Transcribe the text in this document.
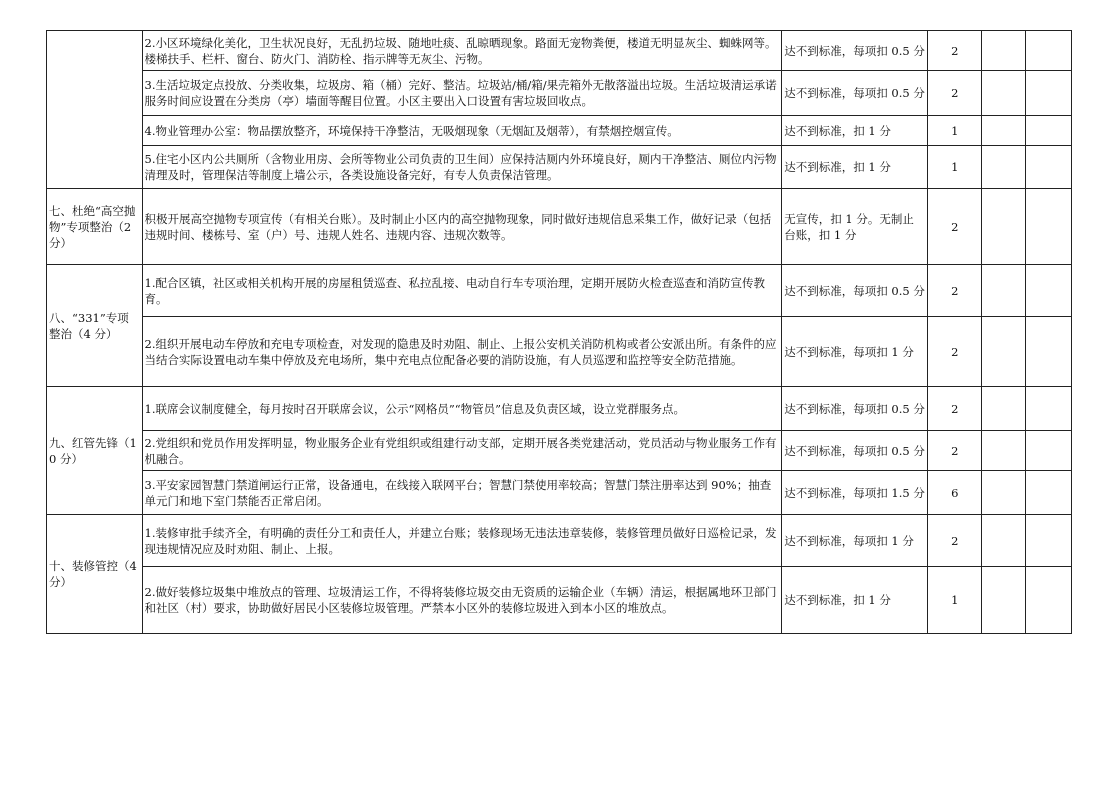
	2.小区环境绿化美化，卫生状况良好，无乱扔垃圾、随地吐痰、乱晾晒现象。路面无宠物粪便，楼道无明显灰尘、蜘蛛网等。楼梯扶手、栏杆、窗台、防火门、消防栓、指示牌等无灰尘、污物。	达不到标准，每项扣 0.5 分	2		
	3.生活垃圾定点投放、分类收集，垃圾房、箱（桶）完好、整洁。垃圾站/桶/箱/果壳箱外无散落溢出垃圾。生活垃圾清运承诺服务时间应设置在分类房（亭）墙面等醒目位置。小区主要出入口设置有害垃圾回收点。	达不到标准，每项扣 0.5 分	2		
	4.物业管理办公室：物品摆放整齐，环境保持干净整洁，无吸烟现象（无烟缸及烟蒂），有禁烟控烟宣传。	达不到标准，扣 1 分	1		
	5.住宅小区内公共厕所（含物业用房、会所等物业公司负责的卫生间）应保持洁厕内外环境良好，厕内干净整洁、厕位内污物清理及时，管理保洁等制度上墙公示，各类设施设备完好，有专人负责保洁管理。	达不到标准，扣 1 分	1		
七、杜绝“高空抛物”专项整治（2 分）	积极开展高空抛物专项宣传（有相关台账）。及时制止小区内的高空抛物现象，同时做好违规信息采集工作，做好记录（包括违规时间、楼栋号、室（户）号、违规人姓名、违规内容、违规次数等。	无宣传，扣 1 分。无制止台账，扣 1 分	2		
八、“331”专项整治（4 分）	1.配合区镇，社区或相关机构开展的房屋租赁巡查、私拉乱接、电动自行车专项治理，定期开展防火检查巡查和消防宣传教育。	达不到标准，每项扣 0.5 分	2		
	2.组织开展电动车停放和充电专项检查，对发现的隐患及时劝阻、制止、上报公安机关消防机构或者公安派出所。有条件的应当结合实际设置电动车集中停放及充电场所，集中充电点位配备必要的消防设施，有人员巡逻和监控等安全防范措施。	达不到标准，每项扣 1 分	2		
九、红管先锋（10 分）	1.联席会议制度健全，每月按时召开联席会议，公示“网格员”“物管员”信息及负责区域，设立党群服务点。	达不到标准，每项扣 0.5 分	2		
	2.党组织和党员作用发挥明显，物业服务企业有党组织或组建行动支部，定期开展各类党建活动，党员活动与物业服务工作有机融合。	达不到标准，每项扣 0.5 分	2		
	3.平安家园智慧门禁道闸运行正常，设备通电，在线接入联网平台；智慧门禁使用率较高；智慧门禁注册率达到 90%；抽查单元门和地下室门禁能否正常启闭。	达不到标准，每项扣 1.5 分	6		
十、装修管控（4 分）	1.装修审批手续齐全，有明确的责任分工和责任人，并建立台账；装修现场无违法违章装修，装修管理员做好日巡检记录，发现违规情况应及时劝阻、制止、上报。	达不到标准，每项扣 1 分	2		
	2.做好装修垃圾集中堆放点的管理、垃圾清运工作，不得将装修垃圾交由无资质的运输企业（车辆）清运，根据属地环卫部门和社区（村）要求，协助做好居民小区装修垃圾管理。严禁本小区外的装修垃圾进入到本小区的堆放点。	达不到标准，扣 1 分	1		
